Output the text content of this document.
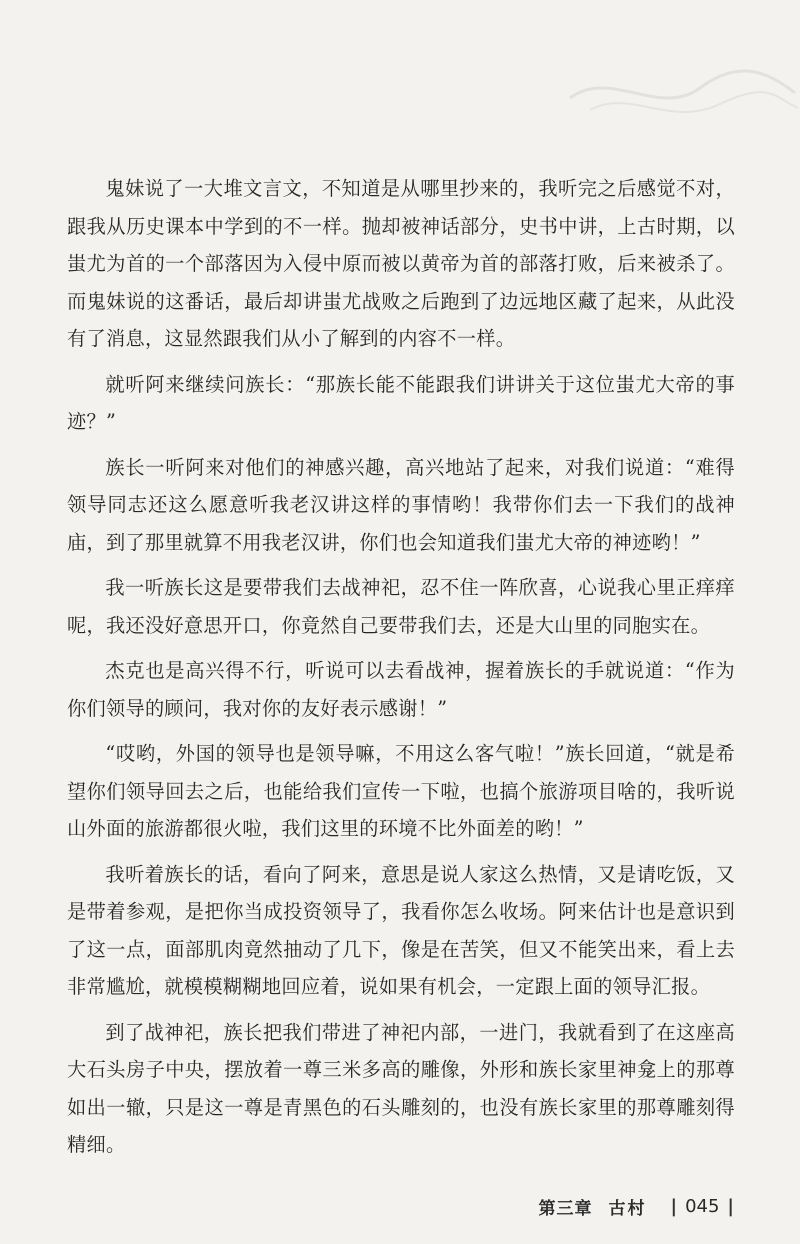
鬼妹说了一大堆文言文，不知道是从哪里抄来的，我听完之后感觉不对，跟我从历史课本中学到的不一样。抛却被神话部分，史书中讲，上古时期，以蚩尤为首的一个部落因为入侵中原而被以黄帝为首的部落打败，后来被杀了。而鬼妹说的这番话，最后却讲蚩尤战败之后跑到了边远地区藏了起来，从此没有了消息，这显然跟我们从小了解到的内容不一样。

就听阿来继续问族长：“那族长能不能跟我们讲讲关于这位蚩尤大帝的事迹？”

族长一听阿来对他们的神感兴趣，高兴地站了起来，对我们说道：“难得领导同志还这么愿意听我老汉讲这样的事情哟！我带你们去一下我们的战神庙，到了那里就算不用我老汉讲，你们也会知道我们蚩尤大帝的神迹哟！”

我一听族长这是要带我们去战神祀，忍不住一阵欣喜，心说我心里正痒痒呢，我还没好意思开口，你竟然自己要带我们去，还是大山里的同胞实在。

杰克也是高兴得不行，听说可以去看战神，握着族长的手就说道：“作为你们领导的顾问，我对你的友好表示感谢！”

“哎哟，外国的领导也是领导嘛，不用这么客气啦！”族长回道，“就是希望你们领导回去之后，也能给我们宣传一下啦，也搞个旅游项目啥的，我听说山外面的旅游都很火啦，我们这里的环境不比外面差的哟！”

我听着族长的话，看向了阿来，意思是说人家这么热情，又是请吃饭，又是带着参观，是把你当成投资领导了，我看你怎么收场。阿来估计也是意识到了这一点，面部肌肉竟然抽动了几下，像是在苦笑，但又不能笑出来，看上去非常尴尬，就模模糊糊地回应着，说如果有机会，一定跟上面的领导汇报。

到了战神祀，族长把我们带进了神祀内部，一进门，我就看到了在这座高大石头房子中央，摆放着一尊三米多高的雕像，外形和族长家里神龛上的那尊如出一辙，只是这一尊是青黑色的石头雕刻的，也没有族长家里的那尊雕刻得精细。

第三章 古村 | 045 |
